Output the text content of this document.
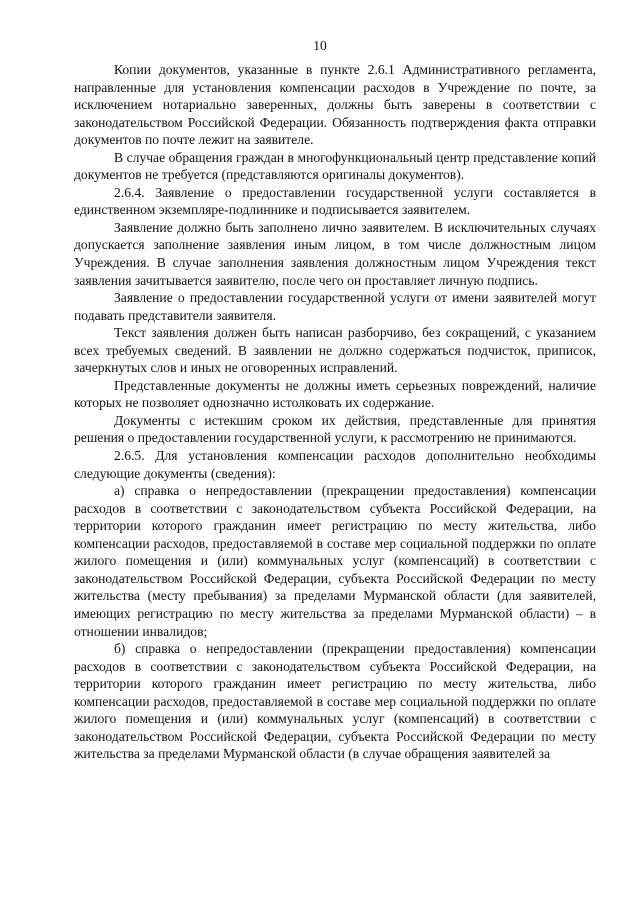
10

Копии документов, указанные в пункте 2.6.1 Административного регламента, направленные для установления компенсации расходов в Учреждение по почте, за исключением нотариально заверенных, должны быть заверены в соответствии с законодательством Российской Федерации. Обязанность подтверждения факта отправки документов по почте лежит на заявителе.

В случае обращения граждан в многофункциональный центр представление копий документов не требуется (представляются оригиналы документов).

2.6.4. Заявление о предоставлении государственной услуги составляется в единственном экземпляре-подлиннике и подписывается заявителем.

Заявление должно быть заполнено лично заявителем. В исключительных случаях допускается заполнение заявления иным лицом, в том числе должностным лицом Учреждения. В случае заполнения заявления должностным лицом Учреждения текст заявления зачитывается заявителю, после чего он проставляет личную подпись.

Заявление о предоставлении государственной услуги от имени заявителей могут подавать представители заявителя.

Текст заявления должен быть написан разборчиво, без сокращений, с указанием всех требуемых сведений. В заявлении не должно содержаться подчисток, приписок, зачеркнутых слов и иных не оговоренных исправлений.

Представленные документы не должны иметь серьезных повреждений, наличие которых не позволяет однозначно истолковать их содержание.

Документы с истекшим сроком их действия, представленные для принятия решения о предоставлении государственной услуги, к рассмотрению не принимаются.

2.6.5. Для установления компенсации расходов дополнительно необходимы следующие документы (сведения):

а) справка о непредоставлении (прекращении предоставления) компенсации расходов в соответствии с законодательством субъекта Российской Федерации, на территории которого гражданин имеет регистрацию по месту жительства, либо компенсации расходов, предоставляемой в составе мер социальной поддержки по оплате жилого помещения и (или) коммунальных услуг (компенсаций) в соответствии с законодательством Российской Федерации, субъекта Российской Федерации по месту жительства (месту пребывания) за пределами Мурманской области (для заявителей, имеющих регистрацию по месту жительства за пределами Мурманской области) – в отношении инвалидов;

б) справка о непредоставлении (прекращении предоставления) компенсации расходов в соответствии с законодательством субъекта Российской Федерации, на территории которого гражданин имеет регистрацию по месту жительства, либо компенсации расходов, предоставляемой в составе мер социальной поддержки по оплате жилого помещения и (или) коммунальных услуг (компенсаций) в соответствии с законодательством Российской Федерации, субъекта Российской Федерации по месту жительства за пределами Мурманской области (в случае обращения заявителей за
